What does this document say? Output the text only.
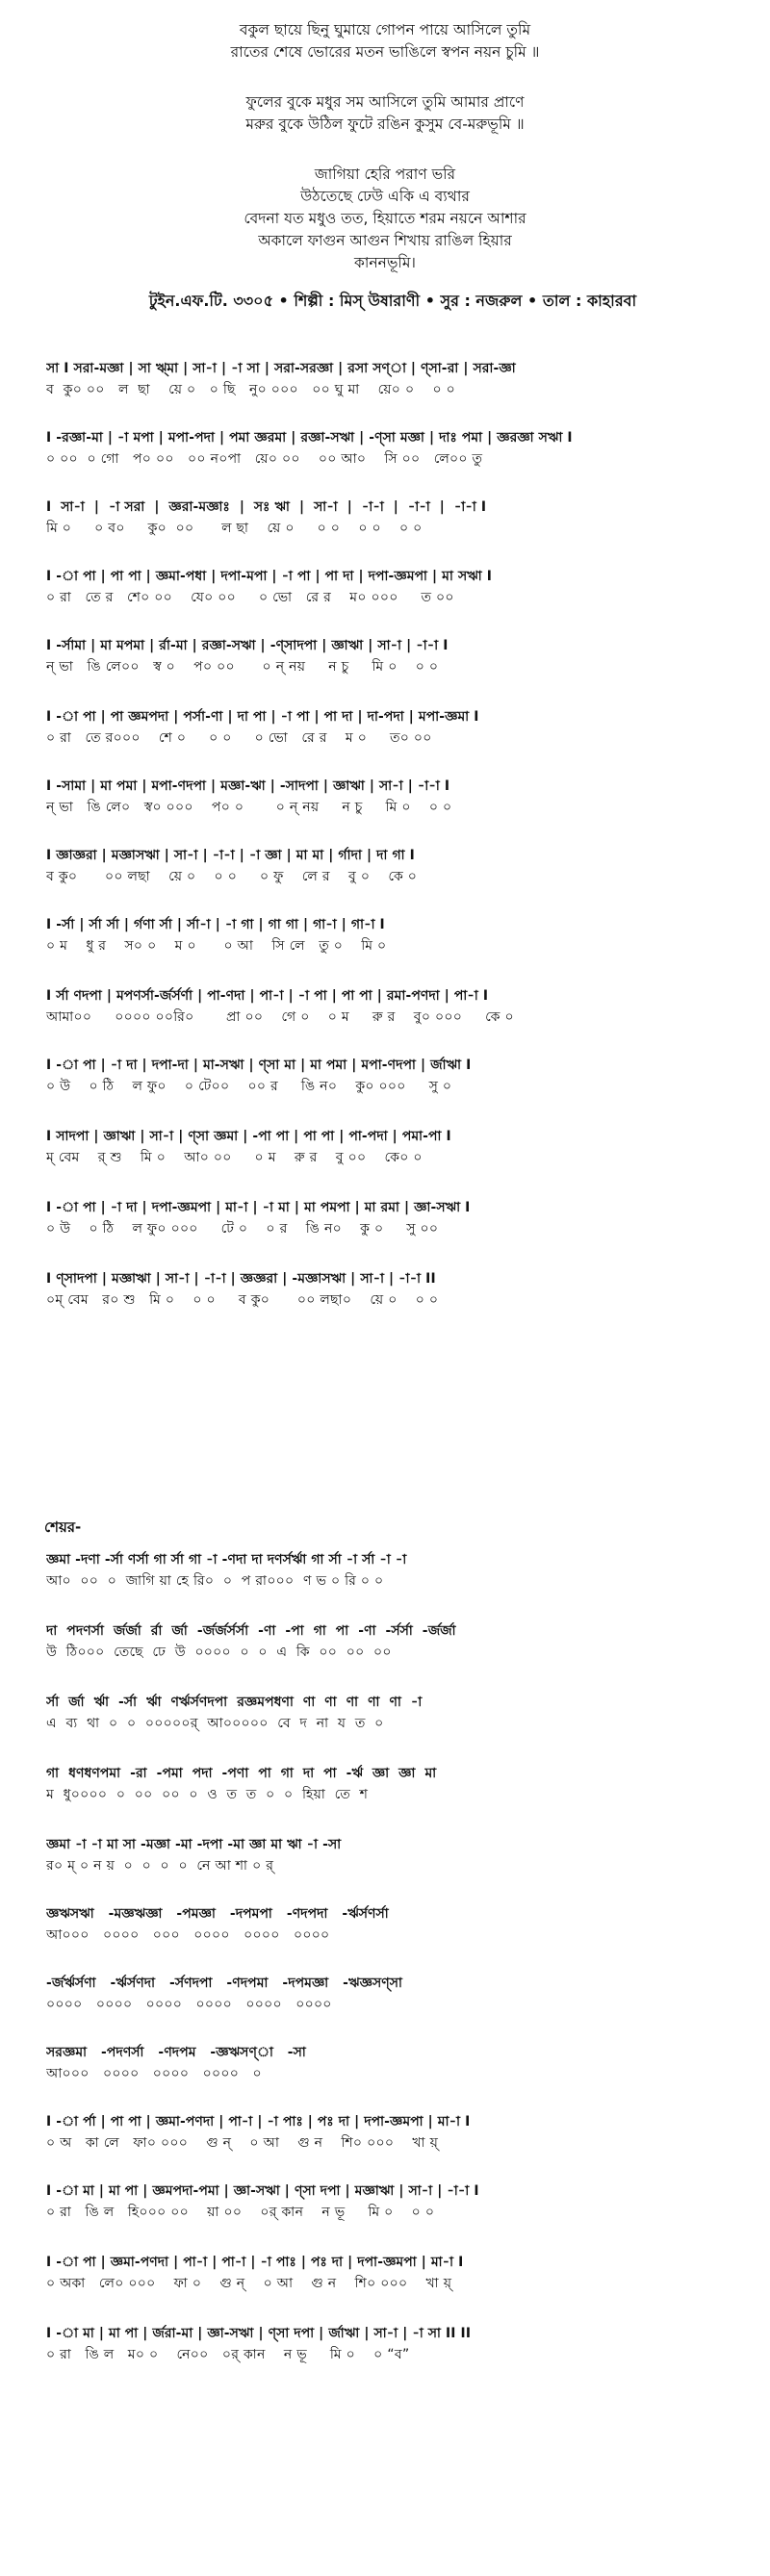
বকুল ছায়ে ছিনু ঘুমায়ে গোপন পায়ে আসিলে তুমি
রাতের শেষে ভোরের মতন ভাঙিলে স্বপন নয়ন চুমি ॥
ফুলের বুকে মধুর সম আসিলে তুমি আমার প্রাণে
মরুর বুকে উঠিল ফুটে রঙিন কুসুম বে-মরুভূমি ॥
জাগিয়া হেরি পরাণ ভরি
উঠতেছে ঢেউ একি এ ব্যথার
বেদনা যত মধুও তত, হিয়াতে শরম নয়নে আশার
অকালে ফাগুন আগুন শিখায় রাঙিল হিয়ার
কাননভূমি।
টুইন.এফ.টি. ৩৩০৫ • শিল্পী : মিস্ উষারাণী • সুর : নজরুল • তাল : কাহারবা
সা I সরা-মজ্ঞা | সা ঋ্মা | সা-া | -া সা | সরা-সরজ্ঞা | রসা সণ্‌া | ণ্‌সা-রা | সরা-জ্ঞা
ব  কু০ ০০   ল  ছা    য়ে ০   ০ ছি   নু০ ০০০   ০০ ঘু মা    য়ে০ ০    ০ ০
I -রজ্ঞা-মা | -া মপা | মপা-পদা | পমা জ্ঞরমা | রজ্ঞা-সঋা | -ণ্‌সা মজ্ঞা | দাঃ পমা | জ্ঞরজ্ঞা সঋা I
০ ০০  ০ গো   প০ ০০   ০০ ন০পা   য়ে০ ০০    ০০ আ০    সি ০০   লে০০ তু
I  সা-া  |  -া সরা  |  জ্ঞরা-মজ্ঞাঃ  |  সঃ ঋা  |  সা-া  |  -া-া  |  -া-া  |  -া-া I
মি ০     ০ ব০     কু০  ০০      ল ছা    য়ে ০     ০ ০    ০ ০    ০ ০
I -া পা | পা পা | জ্ঞমা-পধা | দপা-মপা | -া পা | পা দা | দপা-জ্ঞমপা | মা সঋা I
০ রা   তে র   শে০ ০০    যে০ ০০     ০ ভো   রে র    ম০ ০০০     ত ০০
I -র্সামা | মা মপমা | র্রা-মা | রজ্ঞা-সঋা | -ণ্‌সাদপা | জ্ঞাঋা | সা-া | -া-া I
ন্ ভা   ঙি লে০০   স্ব ০    প০ ০০      ০ ন্ নয়     ন চু     মি ০    ০ ০
I -া পা | পা জ্ঞমপদা | পর্সা-ণা | দা পা | -া পা | পা দা | দা-পদা | মপা-জ্ঞমা I
০ রা   তে র০০০    শে ০     ০ ০     ০ ভো   রে র    ম ০     ত০ ০০
I -সামা | মা পমা | মপা-ণদপা | মজ্ঞা-ঋা | -সাদপা | জ্ঞাঋা | সা-া | -া-া I
ন্ ভা   ঙি লে০   স্ব০ ০০০    প০ ০       ০ ন্ নয়     ন চু     মি ০    ০ ০
I জ্ঞাজ্ঞরা | মজ্ঞাসঋা | সা-া | -া-া | -া জ্ঞা | মা মা | র্গাদা | দা গা I
ব কু০      ০০ লছা    য়ে ০    ০ ০     ০ ফু    লে র    বু ০    কে ০
I -র্সা | র্সা র্সা | র্গণা র্সা | র্সা-া | -া গা | গা গা | গা-া | গা-া I
০ ম    ধু র    স০ ০    ম ০      ০ আ    সি লে   তু ০    মি ০
I র্সা ণদপা | মপণর্সা-র্জর্সর্ণা | পা-ণদা | পা-া | -া পা | পা পা | রমা-পণদা | পা-া I
আমা০০     ০০০০ ০০রি০       প্রা ০০    গে ০    ০ ম     রু র    বু০ ০০০     কে ০
I -া পা | -া দা | দপা-দা | মা-সঋা | ণ্‌সা মা | মা পমা | মপা-ণদপা | র্জাঋা I
০ উ    ০ ঠি    ল ফু০    ০ টে০০    ০০ র     ঙি ন০    কু০ ০০০     সু ০
I সাদপা | জ্ঞাঋা | সা-া | ণ্‌সা জ্ঞমা | -পা পা | পা পা | পা-পদা | পমা-পা I
ম্ বেম    র্ শু    মি ০    আ০ ০০     ০ ম    রু র    বু ০০    কে০ ০
I -া পা | -া দা | দপা-জ্ঞমপা | মা-া | -া মা | মা পমপা | মা রমা | জ্ঞা-সঋা I
০ উ    ০ ঠি    ল ফু০ ০০০     টে ০    ০ র    ঙি ন০    কু ০     সু ০০
I ণ্‌সাদপা | মজ্ঞাঋা | সা-া | -া-া | জ্ঞজ্ঞরা | -মজ্ঞাসঋা | সা-া | -া-া II
০ম্ বেম   র০ শু   মি ০    ০ ০     ব কু০      ০০ লছা০    য়ে ০    ০ ০
শেয়র-
জ্ঞমা -দণা -র্সা ণর্সা গা র্সা গা -া -ণদা দা দণর্সর্ঋা গা র্সা -া র্সা -া -া
আ০  ০০  ০  জাগি য়া হে রি০  ০  প রা০০০  ণ ভ ০ রি ০ ০
দা  পদণর্সা  র্জর্জা  র্রা  র্জা  -র্জর্জর্সর্সা  -ণা  -পা  গা  পা  -ণা  -র্সর্সা  -র্জর্জা
উ  ঠি০০০  তেছে  ঢে  উ  ০০০০  ০  ০  এ  কি  ০০  ০০  ০০
র্সা  র্জা  র্ঋা  -র্সা  র্ঋা  ণর্ঋর্সণদপা  রজ্ঞমপধণা  ণা  ণা  ণা  ণা  ণা  -া
এ  ব্য  থা  ০  ০  ০০০০০র্  আ০০০০০  বে  দ  না  য  ত  ০
গা  ধণধণপমা  -রা  -পমা  পদা  -পণা  পা  গা  দা  পা  -র্ঋ  জ্ঞা  জ্ঞা  মা
ম  ধু০০০০  ০  ০০  ০০  ০  ও  ত  ত  ০  ০  হিয়া  তে  শ
জ্ঞমা -া -া মা সা -মজ্ঞা -মা -দপা -মা জ্ঞা মা ঋা -া -সা
র০ ম্ ০ ন য়  ০  ০  ০  ০  নে আ শা ০ র্
জ্ঞঋসঋা   -মজ্ঞঋজ্ঞা   -পমজ্ঞা   -দপমপা   -ণদপদা   -র্ঋর্সণর্সা
আ০০০   ০০০০   ০০০   ০০০০   ০০০০   ০০০০
-র্জর্ঋর্সণা   -র্ঋর্সণদা   -র্সণদপা   -ণদপমা   -দপমজ্ঞা   -ঋজ্ঞসণ্‌সা
০০০০   ০০০০   ০০০০   ০০০০   ০০০০   ০০০০
সরজ্ঞমা   -পদণর্সা   -ণদপম   -জ্ঞঋসণ্‌া   -সা
আ০০০   ০০০০   ০০০০   ০০০০   ০
I -া র্পা | পা পা | জ্ঞমা-পণদা | পা-া | -া পাঃ | পঃ দা | দপা-জ্ঞমপা | মা-া I
০ অ   কা লে   ফা০ ০০০    গু ন্    ০ আ    গু ন    শি০ ০০০    খা য়্
I -া মা | মা পা | জ্ঞমপদা-পমা | জ্ঞা-সঋা | ণ্‌সা দপা | মজ্ঞাঋা | সা-া | -া-া I
০ রা   ঙি ল   হি০০০ ০০    য়া ০০    ০র্ কান    ন ভূ     মি ০    ০ ০
I -া পা | জ্ঞমা-পণদা | পা-া | পা-া | -া পাঃ | পঃ দা | দপা-জ্ঞমপা | মা-া I
০ অকা   লে০ ০০০    ফা ০    গু ন্    ০ আ    গু ন    শি০ ০০০    খা য়্
I -া মা | মা পা | র্জরা-মা | জ্ঞা-সঋা | ণ্‌সা দপা | র্জাঋা | সা-া | -া সা II II
০ রা   ঙি ল   ম০ ০    নে০০   ০র্ কান    ন ভূ     মি ০    ০ “ব”
